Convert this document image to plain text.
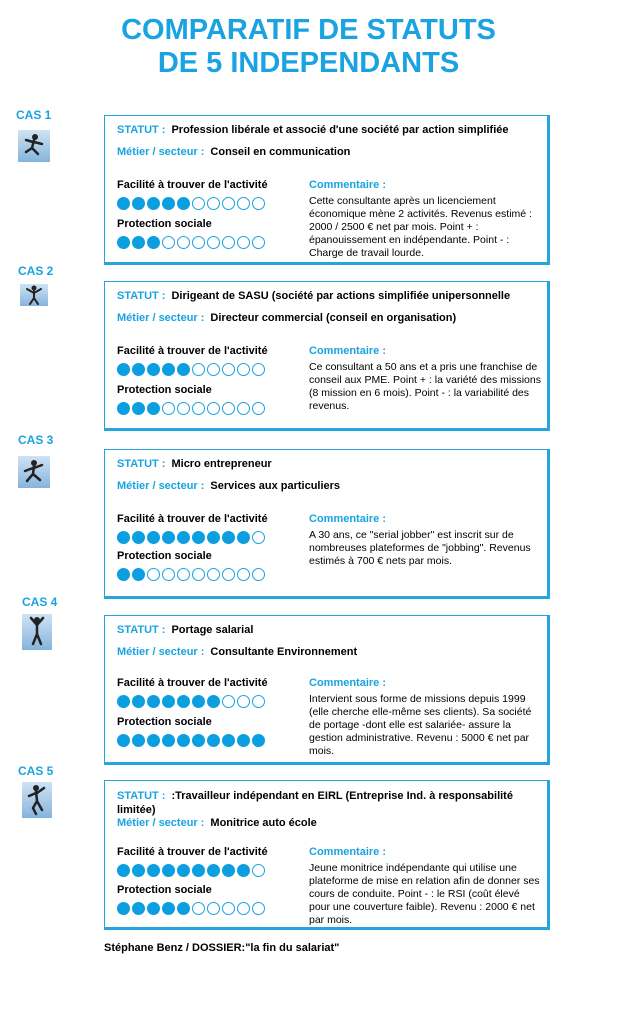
COMPARATIF DE STATUTS
DE 5 INDEPENDANTS
CAS 1
STATUT : Profession libérale et associé d'une société par action simplifiée
Métier / secteur : Conseil en communication
Facilité à trouver de l'activité
Protection sociale
Commentaire :

Cette consultante après un licenciement économique mène 2 activités. Revenus estimé : 2000 / 2500 € net par mois. Point + : épanouissement en indépendante. Point - : Charge de travail lourde.

CAS 2
STATUT : Dirigeant de SASU (société par actions simplifiée unipersonnelle
Métier / secteur : Directeur commercial (conseil en organisation)
Facilité à trouver de l'activité
Protection sociale
Commentaire :

Ce consultant a 50 ans et a pris une franchise de conseil aux PME. Point + : la variété des missions (8 mission en 6 mois). Point - : la variabilité des revenus.

CAS 3
STATUT : Micro entrepreneur
Métier / secteur : Services aux particuliers
Facilité à trouver de l'activité
Protection sociale
Commentaire :

A 30 ans, ce "serial jobber" est inscrit sur de nombreuses plateformes de "jobbing". Revenus estimés à 700 € nets par mois.

CAS 4
STATUT : Portage salarial
Métier / secteur : Consultante Environnement
Facilité à trouver de l'activité
Protection sociale
Commentaire :

Intervient sous forme de missions depuis 1999 (elle cherche elle-même ses clients). Sa société de portage -dont elle est salariée- assure la gestion administrative. Revenu : 5000 € net par mois.

CAS 5
STATUT : :Travailleur indépendant en EIRL (Entreprise Ind. à responsabilité limitée)
Métier / secteur : Monitrice auto école
Facilité à trouver de l'activité
Protection sociale
Commentaire :

Jeune monitrice indépendante qui utilise une plateforme de mise en relation afin de donner ses cours de conduite. Point - : le RSI (coût élevé pour une couverture faible). Revenu : 2000 € net par mois.

Stéphane Benz / DOSSIER:"la fin du salariat"
